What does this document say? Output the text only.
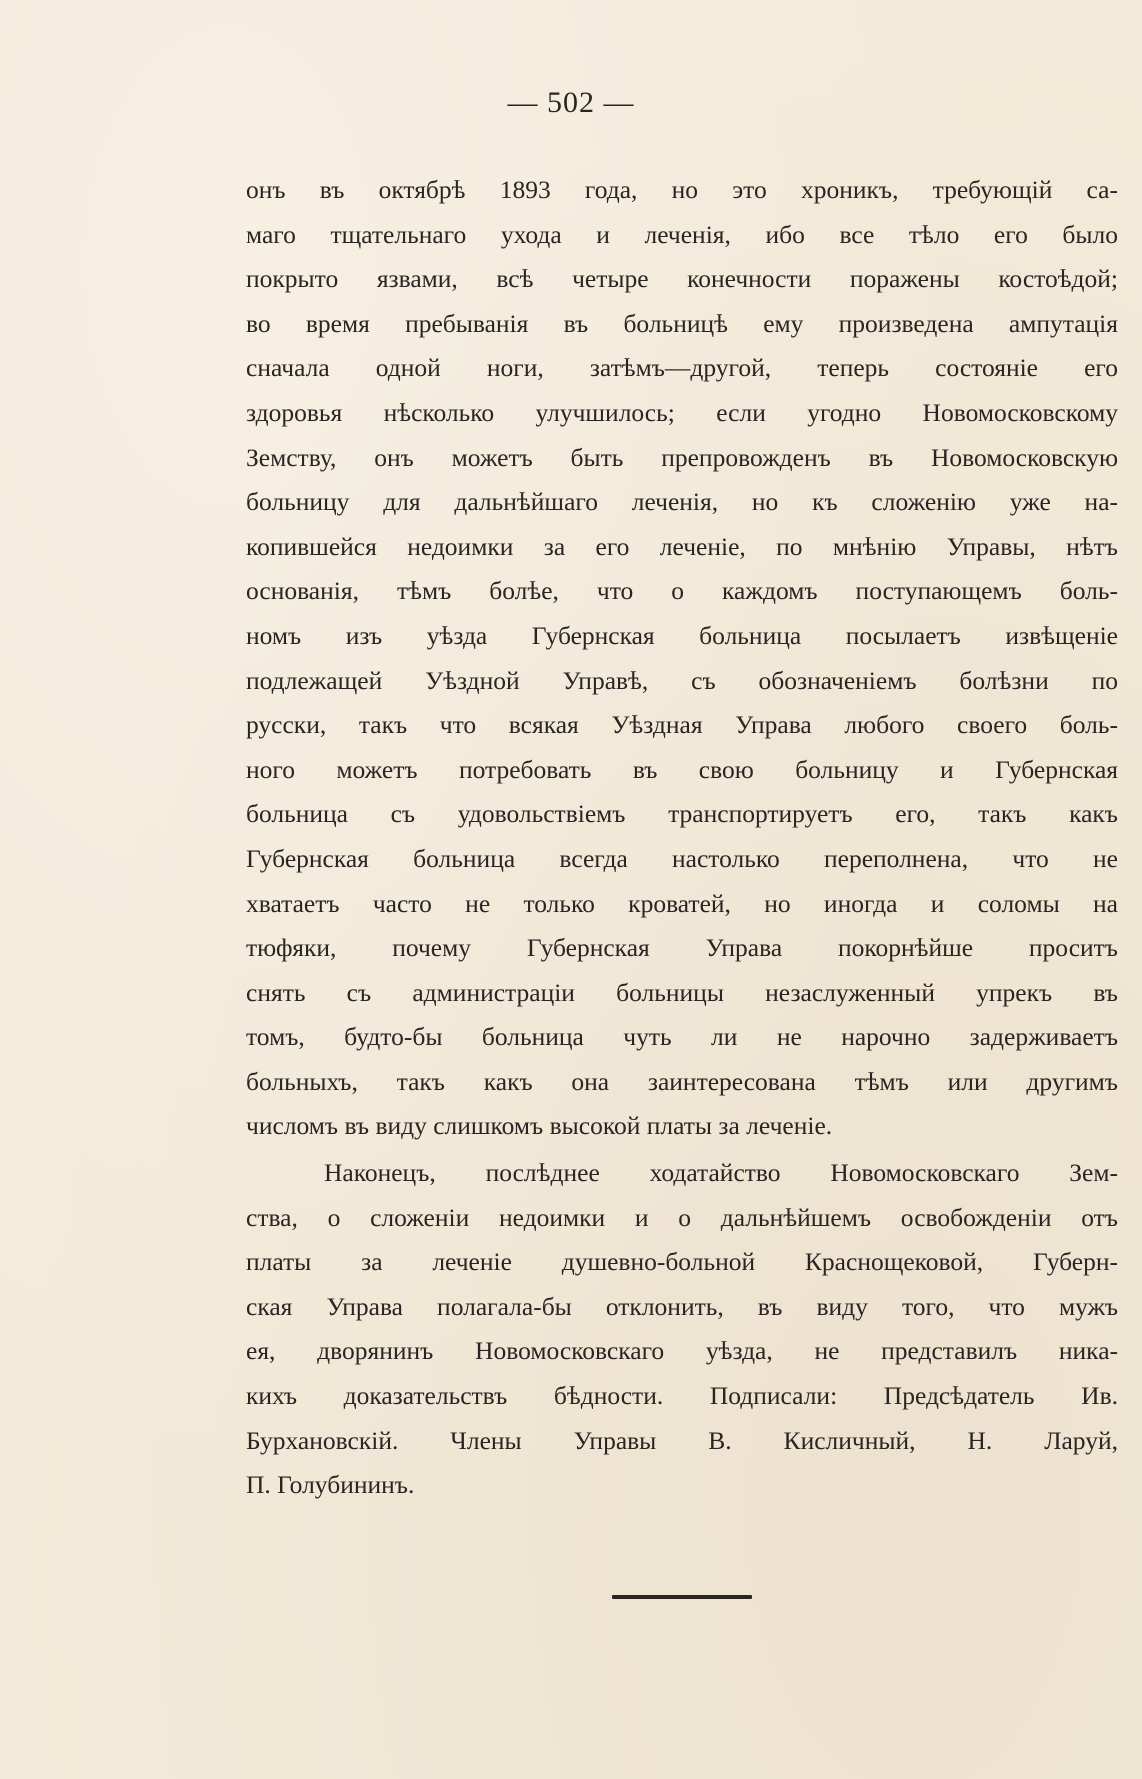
— 502 —
онъ въ октябрѣ 1893 года, но это хроникъ, требующій са-
маго тщательнаго ухода и леченія, ибо все тѣло его было
покрыто язвами, всѣ четыре конечности поражены костоѣдой;
во время пребыванія въ больницѣ ему произведена ампутація
сначала одной ноги, затѣмъ—другой, теперь состояніе его
здоровья нѣсколько улучшилось; если угодно Новомосковскому
Земству, онъ можетъ быть препровожденъ въ Новомосковскую
больницу для дальнѣйшаго леченія, но къ сложенію уже на-
копившейся недоимки за его леченіе, по мнѣнію Управы, нѣтъ
основанія, тѣмъ болѣе, что о каждомъ поступающемъ боль-
номъ изъ уѣзда Губернская больница посылаетъ извѣщеніе
подлежащей Уѣздной Управѣ, съ обозначеніемъ болѣзни по
русски, такъ что всякая Уѣздная Управа любого своего боль-
ного можетъ потребовать въ свою больницу и Губернская
больница съ удовольствіемъ транспортируетъ его, такъ какъ
Губернская больница всегда настолько переполнена, что не
хватаетъ часто не только кроватей, но иногда и соломы на
тюфяки, почему Губернская Управа покорнѣйше проситъ
снять съ администраціи больницы незаслуженный упрекъ въ
томъ, будто-бы больница чуть ли не нарочно задерживаетъ
больныхъ, такъ какъ она заинтересована тѣмъ или другимъ
числомъ въ виду слишкомъ высокой платы за леченіе.
Наконецъ, послѣднее ходатайство Новомосковскаго Зем-
ства, о сложеніи недоимки и о дальнѣйшемъ освобожденіи отъ
платы за леченіе душевно-больной Краснощековой, Губерн-
ская Управа полагала-бы отклонить, въ виду того, что мужъ
ея, дворянинъ Новомосковскаго уѣзда, не представилъ ника-
кихъ доказательствъ бѣдности. Подписали: Предсѣдатель Ив.
Бурхановскій. Члены Управы В. Кисличный, Н. Ларуй,
П. Голубининъ.
